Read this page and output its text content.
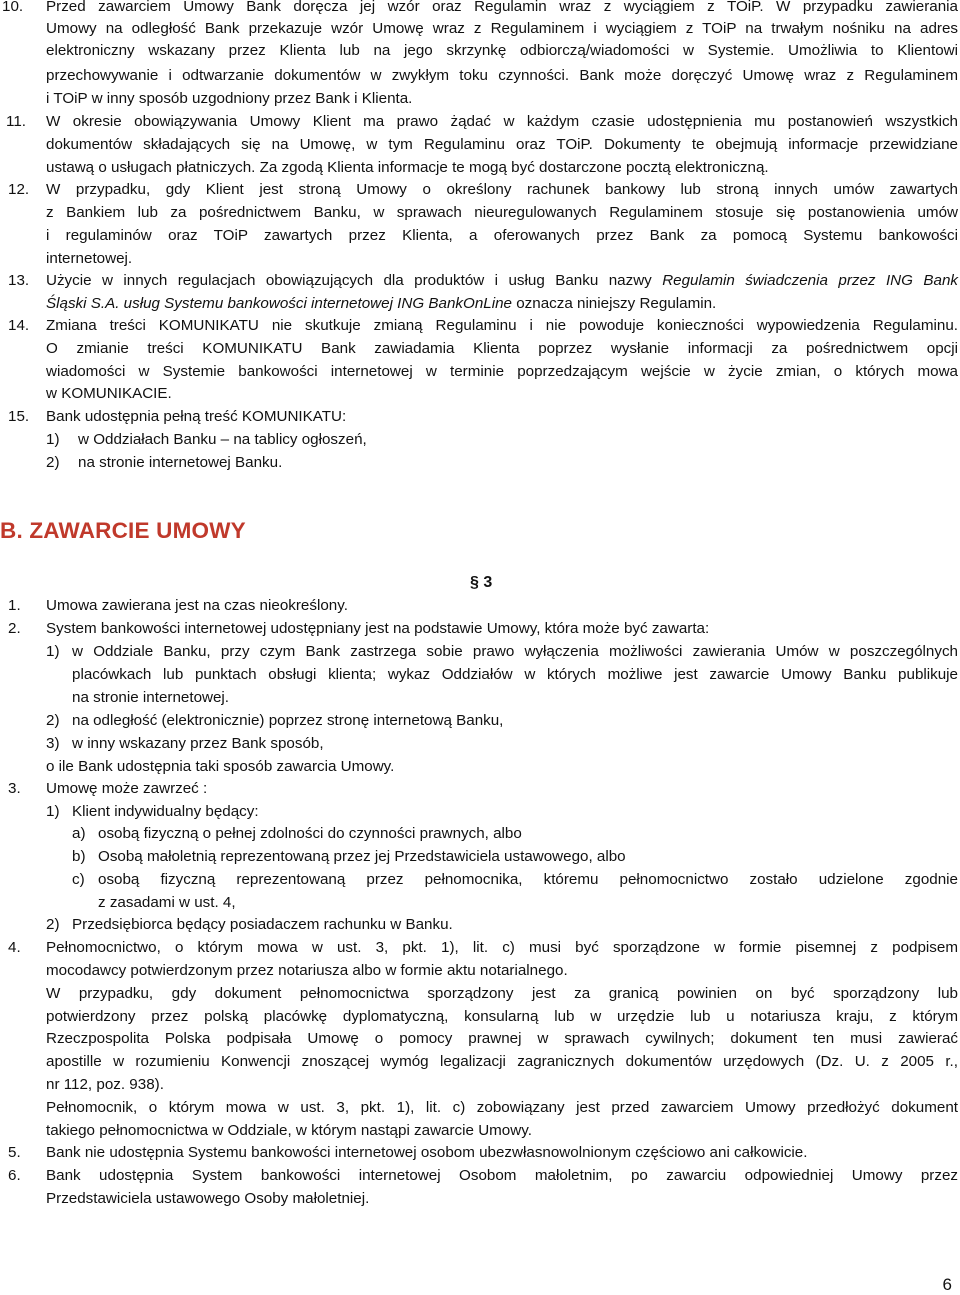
10. Przed zawarciem Umowy Bank doręcza jej wzór oraz Regulamin wraz z wyciągiem z TOiP. W przypadku zawierania
Umowy na odległość Bank przekazuje wzór Umowę wraz z Regulaminem i wyciągiem z TOiP na trwałym nośniku na adres
elektroniczny wskazany przez Klienta lub na jego skrzynkę odbiorczą/wiadomości w Systemie. Umożliwia to Klientowi
przechowywanie i odtwarzanie dokumentów w zwykłym toku czynności. Bank może doręczyć Umowę wraz z Regulaminem
i TOiP w inny sposób uzgodniony przez Bank i Klienta.
11. W okresie obowiązywania Umowy Klient ma prawo żądać w każdym czasie udostępnienia mu postanowień wszystkich
dokumentów składających się na Umowę, w tym Regulaminu oraz TOiP. Dokumenty te obejmują informacje przewidziane
ustawą o usługach płatniczych. Za zgodą Klienta informacje te mogą być dostarczone pocztą elektroniczną.
12. W przypadku, gdy Klient jest stroną Umowy o określony rachunek bankowy lub stroną innych umów zawartych
z Bankiem lub za pośrednictwem Banku, w sprawach nieuregulowanych Regulaminem stosuje się postanowienia umów
i regulaminów oraz TOiP zawartych przez Klienta, a oferowanych przez Bank za pomocą Systemu bankowości
internetowej.
13. Użycie w innych regulacjach obowiązujących dla produktów i usług Banku nazwy Regulamin świadczenia przez ING Bank
Śląski S.A. usług Systemu bankowości internetowej ING BankOnLine oznacza niniejszy Regulamin.
14. Zmiana treści KOMUNIKATU nie skutkuje zmianą Regulaminu i nie powoduje konieczności wypowiedzenia Regulaminu.
O zmianie treści KOMUNIKATU Bank zawiadamia Klienta poprzez wysłanie informacji za pośrednictwem opcji
wiadomości w Systemie bankowości internetowej w terminie poprzedzającym wejście w życie zmian, o których mowa
w KOMUNIKACIE.
15. Bank udostępnia pełną treść KOMUNIKATU:
1) w Oddziałach Banku – na tablicy ogłoszeń,
2) na stronie internetowej Banku.
B. ZAWARCIE UMOWY
§ 3
1. Umowa zawierana jest na czas nieokreślony.
2. System bankowości internetowej udostępniany jest na podstawie Umowy, która może być zawarta:
1) w Oddziale Banku, przy czym Bank zastrzega sobie prawo wyłączenia możliwości zawierania Umów w poszczególnych
placówkach lub punktach obsługi klienta; wykaz Oddziałów w których możliwe jest zawarcie Umowy Banku publikuje
na stronie internetowej.
2) na odległość (elektronicznie) poprzez stronę internetową Banku,
3) w inny wskazany przez Bank sposób,
o ile Bank udostępnia taki sposób zawarcia Umowy.
3. Umowę może zawrzeć :
1) Klient indywidualny będący:
a) osobą fizyczną o pełnej zdolności do czynności prawnych, albo
b) Osobą małoletnią reprezentowaną przez jej Przedstawiciela ustawowego, albo
c) osobą fizyczną reprezentowaną przez pełnomocnika, któremu pełnomocnictwo zostało udzielone zgodnie
z zasadami w ust. 4,
2) Przedsiębiorca będący posiadaczem rachunku w Banku.
4. Pełnomocnictwo, o którym mowa w ust. 3, pkt. 1), lit. c) musi być sporządzone w formie pisemnej z podpisem
mocodawcy potwierdzonym przez notariusza albo w formie aktu notarialnego.
W przypadku, gdy dokument pełnomocnictwa sporządzony jest za granicą powinien on być sporządzony lub
potwierdzony przez polską placówkę dyplomatyczną, konsularną lub w urzędzie lub u notariusza kraju, z którym
Rzeczpospolita Polska podpisała Umowę o pomocy prawnej w sprawach cywilnych; dokument ten musi zawierać
apostille w rozumieniu Konwencji znoszącej wymóg legalizacji zagranicznych dokumentów urzędowych (Dz. U. z 2005 r.,
nr 112, poz. 938).
Pełnomocnik, o którym mowa w ust. 3, pkt. 1), lit. c) zobowiązany jest przed zawarciem Umowy przedłożyć dokument
takiego pełnomocnictwa w Oddziale, w którym nastąpi zawarcie Umowy.
5. Bank nie udostępnia Systemu bankowości internetowej osobom ubezwłasnowolnionym częściowo ani całkowicie.
6. Bank udostępnia System bankowości internetowej Osobom małoletnim, po zawarciu odpowiedniej Umowy przez
Przedstawiciela ustawowego Osoby małoletniej.
6
